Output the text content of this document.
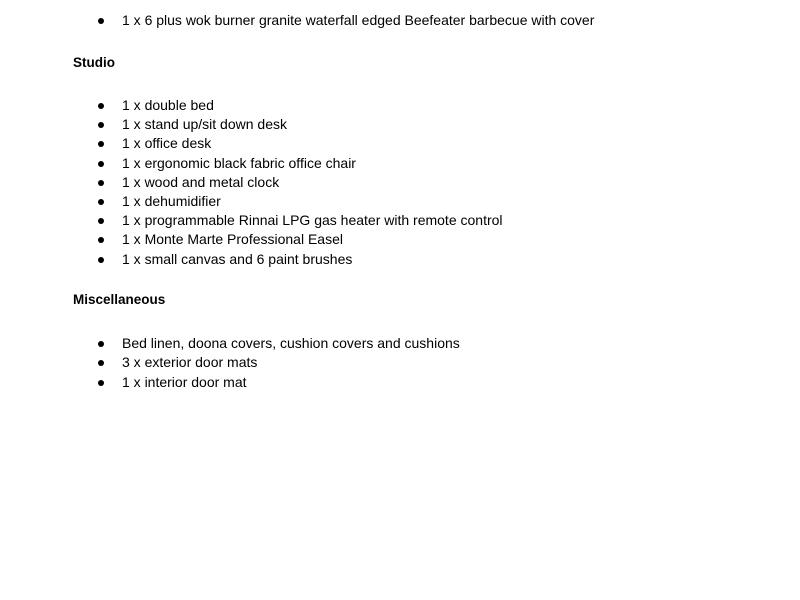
1 x 6 plus wok burner granite waterfall edged Beefeater barbecue with cover
Studio
1 x double bed
1 x stand up/sit down desk
1 x office desk
1 x ergonomic black fabric office chair
1 x wood and metal clock
1 x dehumidifier
1 x programmable Rinnai LPG gas heater with remote control
1 x Monte Marte Professional Easel
1 x small canvas and 6 paint brushes
Miscellaneous
Bed linen, doona covers, cushion covers and cushions
3 x exterior door mats
1 x interior door mat
